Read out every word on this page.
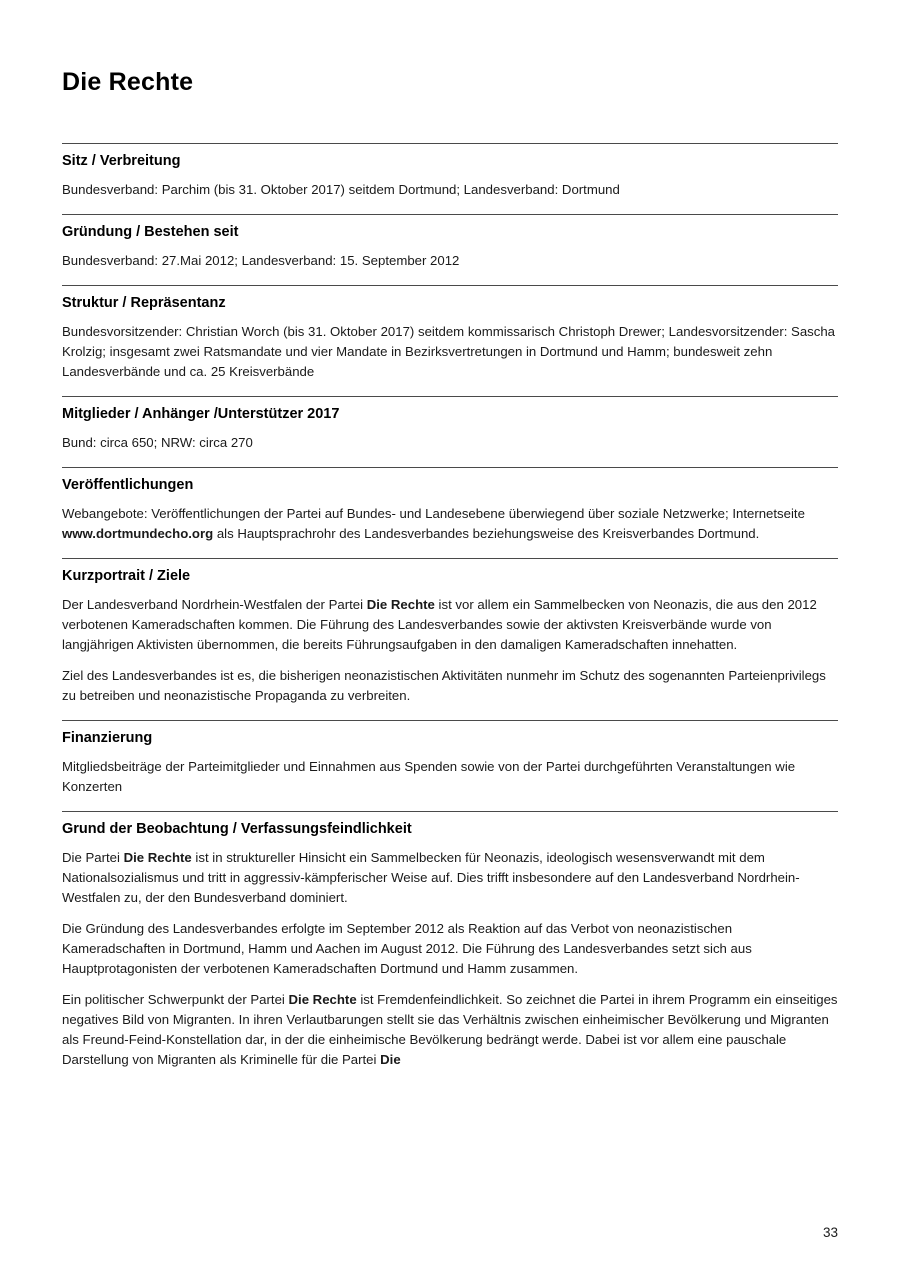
Die Rechte
Sitz / Verbreitung

Bundesverband: Parchim (bis 31. Oktober 2017) seitdem Dortmund; Landesverband: Dortmund

Gründung / Bestehen seit

Bundesverband: 27.Mai 2012; Landesverband: 15. September 2012

Struktur / Repräsentanz

Bundesvorsitzender: Christian Worch (bis 31. Oktober 2017) seitdem kommissarisch Christoph Drewer; Landesvorsitzender: Sascha Krolzig; insgesamt zwei Ratsmandate und vier Mandate in Bezirksvertretungen in Dortmund und Hamm; bundesweit zehn Landesverbände und ca. 25 Kreisverbände

Mitglieder / Anhänger /Unterstützer 2017

Bund: circa 650; NRW: circa 270

Veröffentlichungen

Webangebote: Veröffentlichungen der Partei auf Bundes- und Landesebene überwiegend über soziale Netzwerke; Internetseite www.dortmundecho.org als Hauptsprachrohr des Landesverbandes beziehungsweise des Kreisverbandes Dortmund.

Kurzportrait / Ziele

Der Landesverband Nordrhein-Westfalen der Partei Die Rechte ist vor allem ein Sammelbecken von Neonazis, die aus den 2012 verbotenen Kameradschaften kommen. Die Führung des Landesverbandes sowie der aktivsten Kreisverbände wurde von langjährigen Aktivisten übernommen, die bereits Führungsaufgaben in den damaligen Kameradschaften innehatten.

Ziel des Landesverbandes ist es, die bisherigen neonazistischen Aktivitäten nunmehr im Schutz des sogenannten Parteienprivilegs zu betreiben und neonazistische Propaganda zu verbreiten.

Finanzierung

Mitgliedsbeiträge der Parteimitglieder und Einnahmen aus Spenden sowie von der Partei durchgeführten Veranstaltungen wie Konzerten

Grund der Beobachtung / Verfassungsfeindlichkeit

Die Partei Die Rechte ist in struktureller Hinsicht ein Sammelbecken für Neonazis, ideologisch wesensverwandt mit dem Nationalsozialismus und tritt in aggressiv-kämpferischer Weise auf. Dies trifft insbesondere auf den Landesverband Nordrhein-Westfalen zu, der den Bundesverband dominiert.

Die Gründung des Landesverbandes erfolgte im September 2012 als Reaktion auf das Verbot von neonazistischen Kameradschaften in Dortmund, Hamm und Aachen im August 2012. Die Führung des Landesverbandes setzt sich aus Hauptprotagonisten der verbotenen Kameradschaften Dortmund und Hamm zusammen.

Ein politischer Schwerpunkt der Partei Die Rechte ist Fremdenfeindlichkeit. So zeichnet die Partei in ihrem Programm ein einseitiges negatives Bild von Migranten. In ihren Verlautbarungen stellt sie das Verhältnis zwischen einheimischer Bevölkerung und Migranten als Freund-Feind-Konstellation dar, in der die einheimische Bevölkerung bedrängt werde. Dabei ist vor allem eine pauschale Darstellung von Migranten als Kriminelle für die Partei Die

33
